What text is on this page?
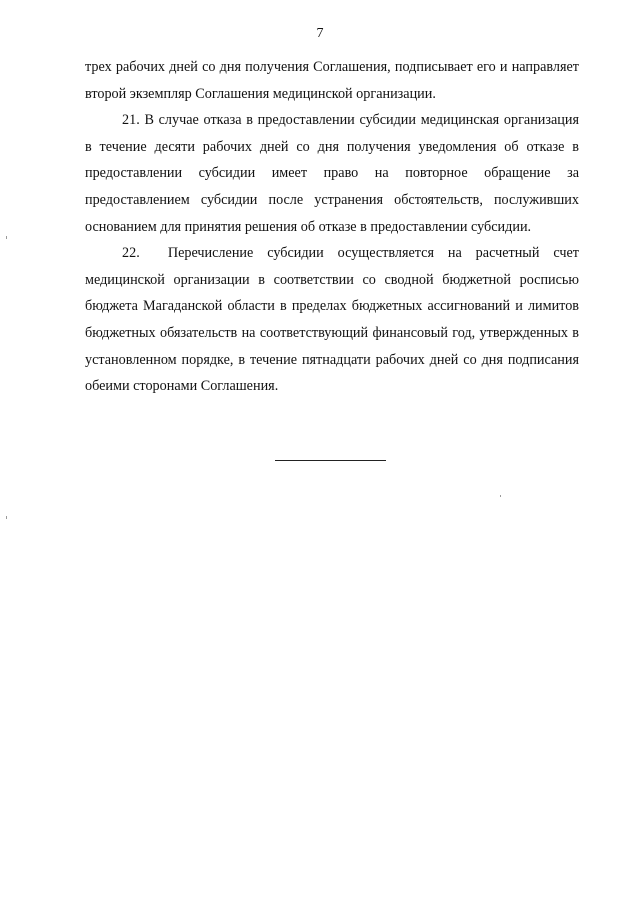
7

трех рабочих дней со дня получения Соглашения, подписывает его и направляет второй экземпляр Соглашения медицинской организации.

21. В случае отказа в предоставлении субсидии медицинская организация в течение десяти рабочих дней со дня получения уведомления об отказе в предоставлении субсидии имеет право на повторное обращение за предоставлением субсидии после устранения обстоятельств, послуживших основанием для принятия решения об отказе в предоставлении субсидии.

22.  Перечисление субсидии осуществляется на расчетный счет медицинской организации в соответствии со сводной бюджетной росписью бюджета Магаданской области в пределах бюджетных ассигнований и лимитов бюджетных обязательств на соответствующий финансовый год, утвержденных в установленном порядке, в течение пятнадцати рабочих дней со дня подписания обеими сторонами Соглашения.
